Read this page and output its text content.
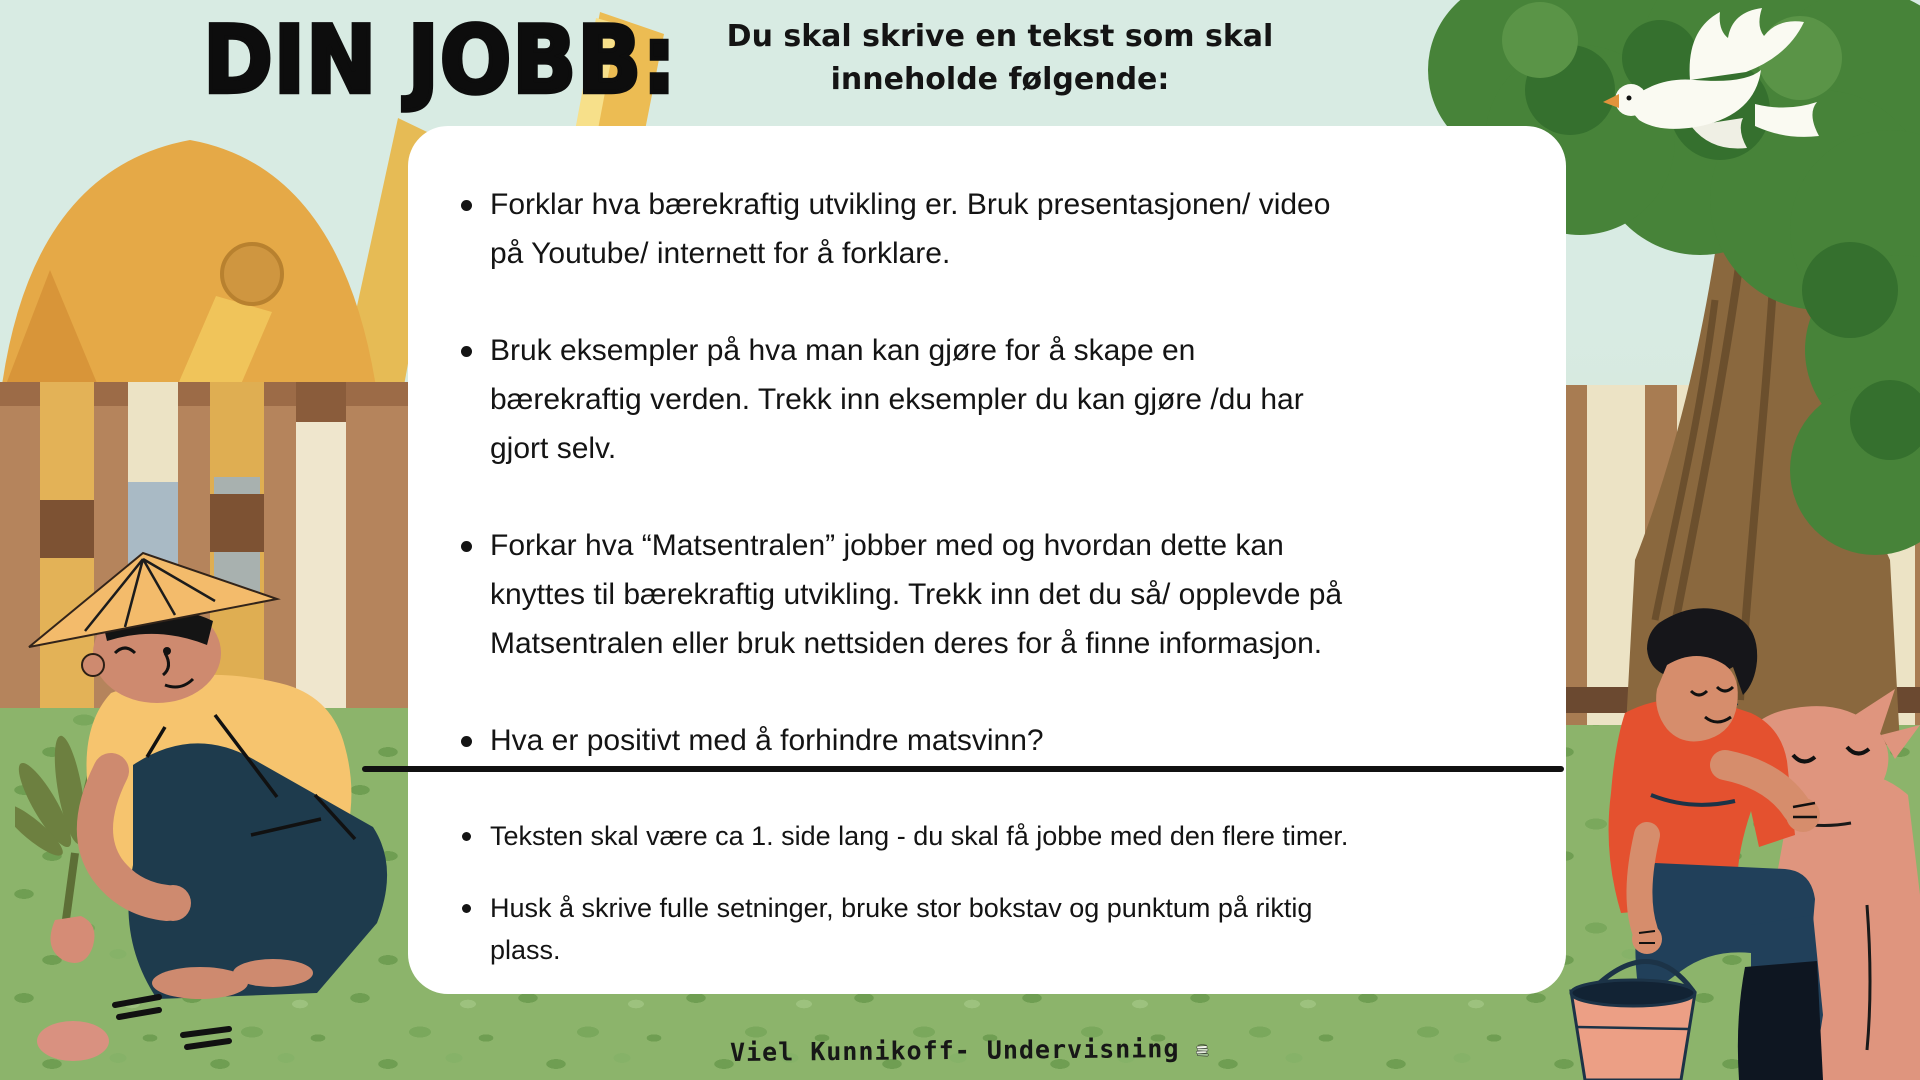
DIN JOBB:	Du skal skrive en tekst som skal
inneholde følgende:
Forklar hva bærekraftig utvikling er. Bruk presentasjonen/ video
på Youtube/ internett for å forklare.
Bruk eksempler på hva man kan gjøre for å skape en
bærekraftig verden. Trekk inn eksempler du kan gjøre /du har
gjort selv.
Forkar hva “Matsentralen” jobber med og hvordan dette kan
knyttes til bærekraftig utvikling. Trekk inn det du så/ opplevde på
Matsentralen eller bruk nettsiden deres for å finne informasjon.
Hva er positivt med å forhindre matsvinn?
Teksten skal være ca 1. side lang - du skal få jobbe med den flere timer.
Husk å skrive fulle setninger, bruke stor bokstav og punktum på riktig
plass.
Viel Kunnikoff- Undervisning
